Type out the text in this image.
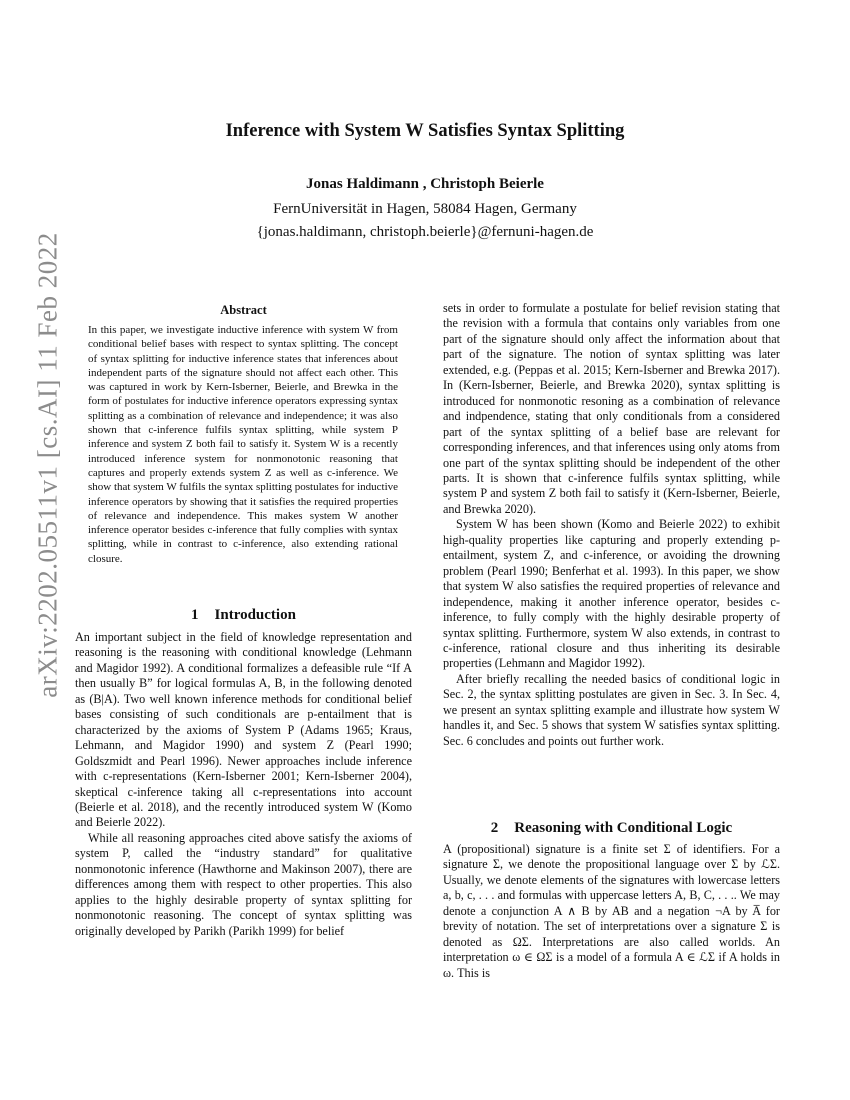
Inference with System W Satisfies Syntax Splitting
Jonas Haldimann , Christoph Beierle
FernUniversität in Hagen, 58084 Hagen, Germany
{jonas.haldimann, christoph.beierle}@fernuni-hagen.de
arXiv:2202.05511v1 [cs.AI] 11 Feb 2022	Abstract

In this paper, we investigate inductive inference with system W from conditional belief bases with respect to syntax splitting. The concept of syntax splitting for inductive inference states that inferences about independent parts of the signature should not affect each other. This was captured in work by Kern-Isberner, Beierle, and Brewka in the form of postulates for inductive inference operators expressing syntax splitting as a combination of relevance and independence; it was also shown that c-inference fulfils syntax splitting, while system P inference and system Z both fail to satisfy it. System W is a recently introduced inference system for nonmonotonic reasoning that captures and properly extends system Z as well as c-inference. We show that system W fulfils the syntax splitting postulates for inductive inference operators by showing that it satisfies the required properties of relevance and independence. This makes system W another inference operator besides c-inference that fully complies with syntax splitting, while in contrast to c-inference, also extending rational closure.

1 Introduction

An important subject in the field of knowledge representation and reasoning is the reasoning with conditional knowledge (Lehmann and Magidor 1992). A conditional formalizes a defeasible rule “If A then usually B” for logical formulas A, B, in the following denoted as (B|A). Two well known inference methods for conditional belief bases consisting of such conditionals are p-entailment that is characterized by the axioms of System P (Adams 1965; Kraus, Lehmann, and Magidor 1990) and system Z (Pearl 1990; Goldszmidt and Pearl 1996). Newer approaches include inference with c-representations (Kern-Isberner 2001; Kern-Isberner 2004), skeptical c-inference taking all c-representations into account (Beierle et al. 2018), and the recently introduced system W (Komo and Beierle 2022).

While all reasoning approaches cited above satisfy the axioms of system P, called the “industry standard” for qualitative nonmonotonic inference (Hawthorne and Makinson 2007), there are differences among them with respect to other properties. This also applies to the highly desirable property of syntax splitting for nonmonotonic reasoning. The concept of syntax splitting was originally developed by Parikh (Parikh 1999) for belief

sets in order to formulate a postulate for belief revision stating that the revision with a formula that contains only variables from one part of the signature should only affect the information about that part of the signature. The notion of syntax splitting was later extended, e.g. (Peppas et al. 2015; Kern-Isberner and Brewka 2017). In (Kern-Isberner, Beierle, and Brewka 2020), syntax splitting is introduced for nonmonotic resoning as a combination of relevance and indpendence, stating that only conditionals from a considered part of the syntax splitting of a belief base are relevant for corresponding inferences, and that inferences using only atoms from one part of the syntax splitting should be independent of the other parts. It is shown that c-inference fulfils syntax splitting, while system P and system Z both fail to satisfy it (Kern-Isberner, Beierle, and Brewka 2020).

System W has been shown (Komo and Beierle 2022) to exhibit high-quality properties like capturing and properly extending p-entailment, system Z, and c-inference, or avoiding the drowning problem (Pearl 1990; Benferhat et al. 1993). In this paper, we show that system W also satisfies the required properties of relevance and independence, making it another inference operator, besides c-inference, to fully comply with the highly desirable property of syntax splitting. Furthermore, system W also extends, in contrast to c-inference, rational closure and thus inheriting its desirable properties (Lehmann and Magidor 1992).

After briefly recalling the needed basics of conditional logic in Sec. 2, the syntax splitting postulates are given in Sec. 3. In Sec. 4, we present an syntax splitting example and illustrate how system W handles it, and Sec. 5 shows that system W satisfies syntax splitting. Sec. 6 concludes and points out further work.

2 Reasoning with Conditional Logic

A (propositional) signature is a finite set Σ of identifiers. For a signature Σ, we denote the propositional language over Σ by ℒΣ. Usually, we denote elements of the signatures with lowercase letters a, b, c, . . . and formulas with uppercase letters A, B, C, . . .. We may denote a conjunction A ∧ B by AB and a negation ¬A by A̅ for brevity of notation. The set of interpretations over a signature Σ is denoted as ΩΣ. Interpretations are also called worlds. An interpretation ω ∈ ΩΣ is a model of a formula A ∈ ℒΣ if A holds in ω. This is
